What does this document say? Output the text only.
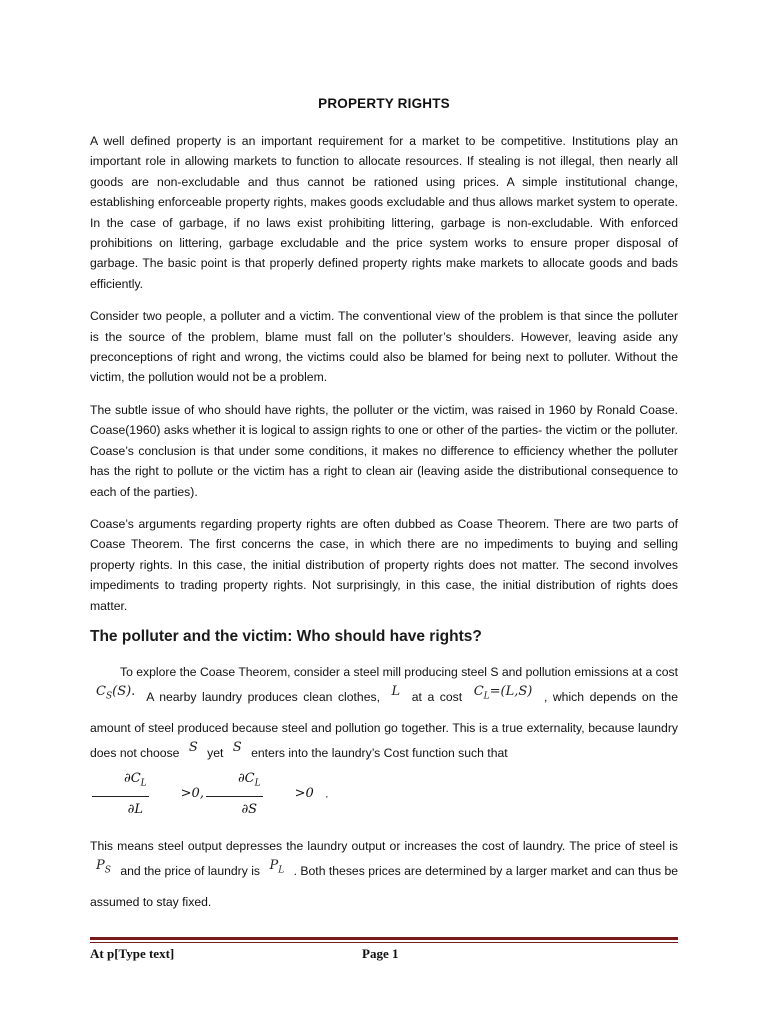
PROPERTY RIGHTS

A well defined property is an important requirement for a market to be competitive. Institutions play an important role in allowing markets to function to allocate resources. If stealing is not illegal, then nearly all goods are non-excludable and thus cannot be rationed using prices. A simple institutional change, establishing enforceable property rights, makes goods excludable and thus allows market system to operate. In the case of garbage, if no laws exist prohibiting littering, garbage is non-excludable. With enforced prohibitions on littering, garbage excludable and the price system works to ensure proper disposal of garbage. The basic point is that properly defined property rights make markets to allocate goods and bads efficiently.

Consider two people, a polluter and a victim. The conventional view of the problem is that since the polluter is the source of the problem, blame must fall on the polluter’s shoulders. However, leaving aside any preconceptions of right and wrong, the victims could also be blamed for being next to polluter. Without the victim, the pollution would not be a problem.

The subtle issue of who should have rights, the polluter or the victim, was raised in 1960 by Ronald Coase. Coase(1960) asks whether it is logical to assign rights to one or other of the parties- the victim or the polluter. Coase’s conclusion is that under some conditions, it makes no difference to efficiency whether the polluter has the right to pollute or the victim has a right to clean air (leaving aside the distributional consequence to each of the parties).

Coase’s arguments regarding property rights are often dubbed as Coase Theorem. There are two parts of Coase Theorem. The first concerns the case, in which there are no impediments to buying and selling property rights. In this case, the initial distribution of property rights does not matter. The second involves impediments to trading property rights. Not surprisingly, in this case, the initial distribution of rights does matter.

The polluter and the victim: Who should have rights?

To explore the Coase Theorem, consider a steel mill producing steel S and pollution emissions at a cost $C_S(S)$. A nearby laundry produces clean clothes, L at a cost $C_L=(L,S)$ , which depends on the amount of steel produced because steel and pollution go together. This is a true externality, because laundry does not choose S yet S enters into the laundry’s Cost function such that

$\frac{\partial C_L}{\partial L}$	>0, $\frac{\partial C_L}{\partial S}$	>0 .

This means steel output depresses the laundry output or increases the cost of laundry. The price of steel is $P_S$ and the price of laundry is $P_L$ . Both theses prices are determined by a larger market and can thus be assumed to stay fixed.

At p[Type text]	Page 1
